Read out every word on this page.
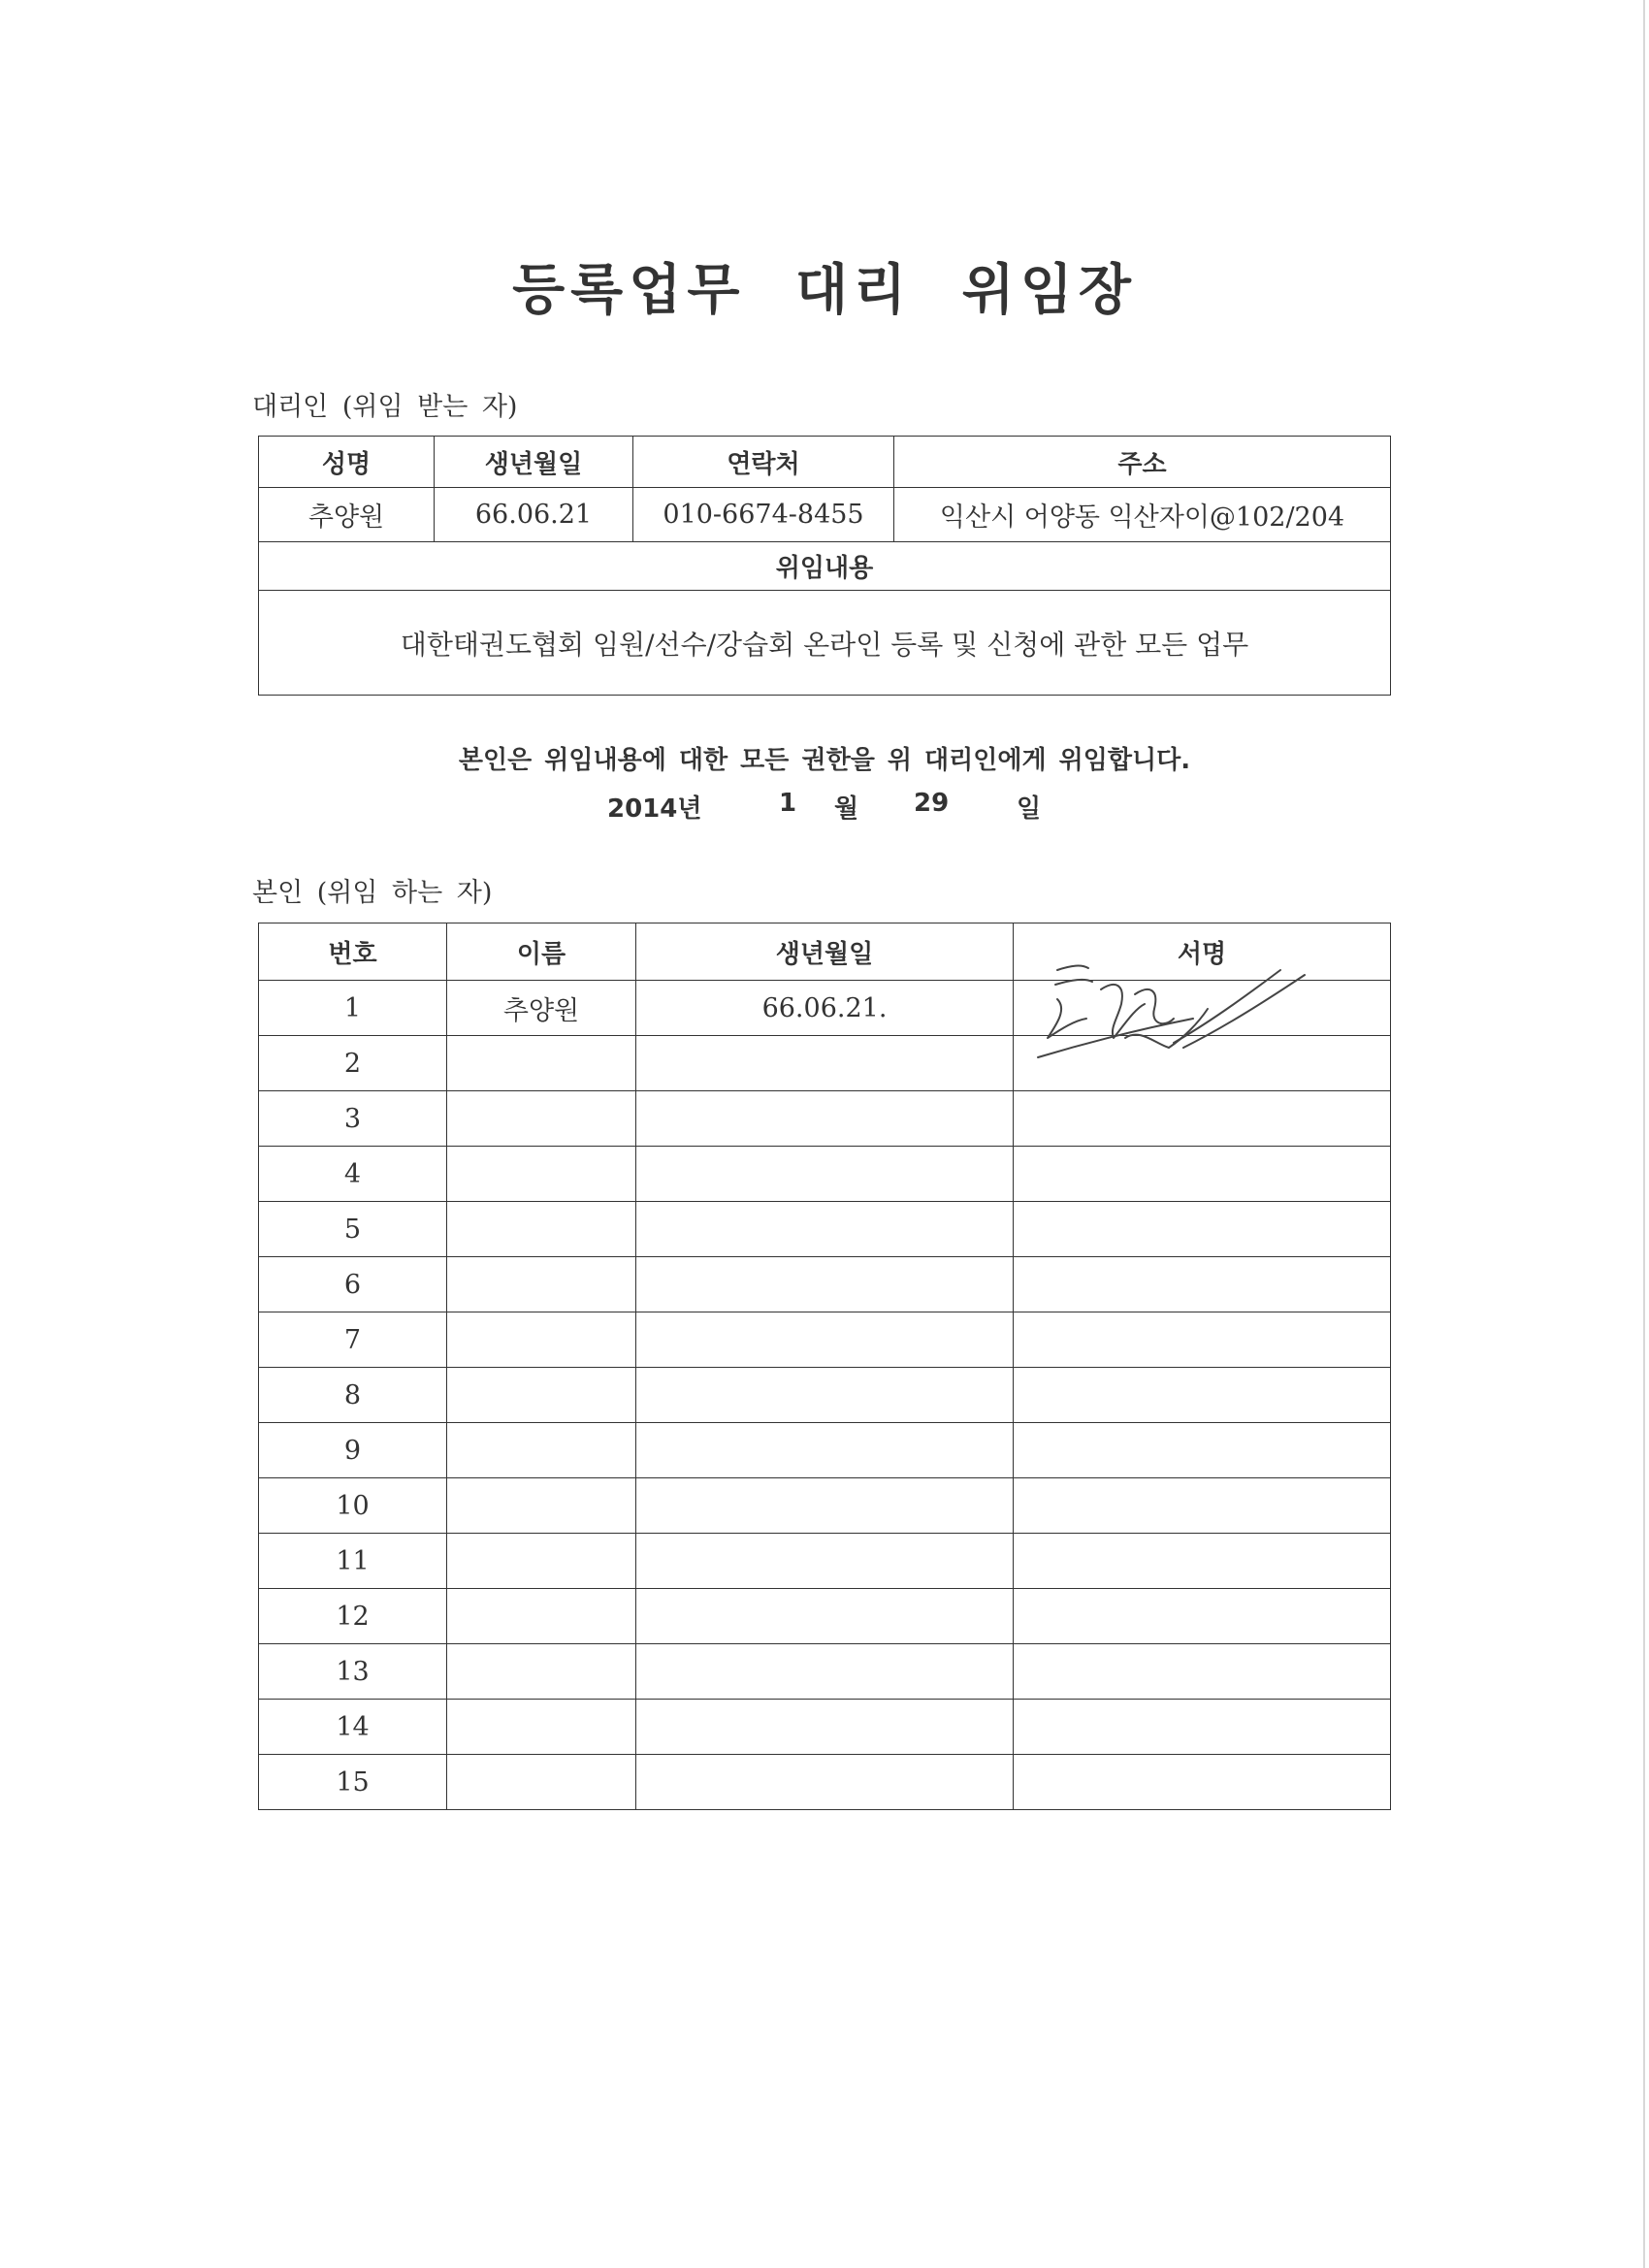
등록업무 대리 위임장
대리인 (위임 받는 자)
성명	생년월일	연락처	주소
추양원	66.06.21	010-6674-8455	익산시 어양동 익산자이@102/204
위임내용			
대한태권도협회 임원/선수/강습회 온라인 등록 및 신청에 관한 모든 업무			
본인은 위임내용에 대한 모든 권한을 위 대리인에게 위임합니다.
2014년	1 월 29	일
본인 (위임 하는 자)
번호	이름	생년월일	서명
1	추양원	66.06.21.	
2			
3			
4			
5			
6			
7			
8			
9			
10			
11			
12			
13			
14			
15			
